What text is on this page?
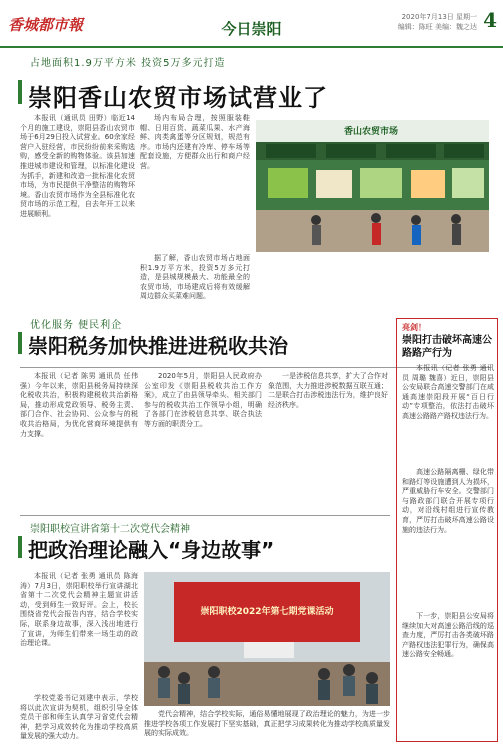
香城都市報	今日崇阳
2020年7月13日 星期一
编辑：陈旺 美编：魏之达 4
占地面积1.9万平方米 投资5万多元打造
崇阳香山农贸市场试营业了

本报讯（通讯员 田野）临近14个月的施工建设，崇阳县香山农贸市场于6月29日投入试营业。60余家经营户入驻经营，市民纷纷前来采购选购，感受全新的购物体验。该县加速推进城市建设和管理，以标准化建设为抓手，新建和改造一批标准化农贸市场，为市民提供干净整洁的购物环境。香山农贸市场作为全县标准化农贸市场的示范工程，自去年开工以来进展顺利。

场内布局合理，按照服装鞋帽、日用百货、蔬菜瓜果、水产海鲜、肉类禽蛋等分区规划，规范有序。市场内还建有冷库、停车场等配套设施，方便群众出行和商户经营。

据了解，香山农贸市场占地面积1.9万平方米，投资5万多元打造，是县城规模最大、功能最全的农贸市场，市场建成后将有效缓解周边群众买菜难问题。

香山农贸市场
优化服务 便民利企
崇阳税务加快推进进税收共治

本报讯（记者 陈男 通讯员 任伟强）今年以来，崇阳县税务局持续深化税收共治，积极构建税收共治新格局，推动形成党政领导、税务主责、部门合作、社会协同、公众参与的税收共治格局，为优化营商环境提供有力支撑。

2020年5月，崇阳县人民政府办公室印发《崇阳县税收共治工作方案》，成立了由县领导牵头、相关部门参与的税收共治工作领导小组，明确了各部门在涉税信息共享、联合执法等方面的职责分工。

一是涉税信息共享，扩大了合作对象范围，大力推进涉税数据互联互通；二是联合打击涉税违法行为，维护良好经济秩序。

亮剑！
崇阳打击破坏高速公路路产行为

本报讯（记者 张勇 通讯员 周璐 魏喜）近日，崇阳县公安局联合高速交警部门在咸通高速崇阳段开展“百日行动”专项整治，依法打击破坏高速公路路产路权违法行为。

高速公路隔离栅、绿化带和路灯等设施遭到人为损坏，严重威胁行车安全。交警部门与路政部门联合开展专项行动，对沿线村组进行宣传教育，严厉打击破坏高速公路设施的违法行为。

下一步，崇阳县公安局将继续加大对高速公路沿线的巡查力度，严厉打击各类破坏路产路权违法犯罪行为，确保高速公路安全畅通。

崇阳职校宣讲省第十二次党代会精神
把政治理论融入“身边故事”

本报讯（记者 张勇 通讯员 陈海涛）7月3日，崇阳职校举行宣讲湖北省第十二次党代会精神主题宣讲活动，受到师生一致好评。会上，校长围绕省党代会报告内容，结合学校实际，联系身边故事，深入浅出地进行了宣讲，为师生们带来一场生动的政治理论课。

学校党委书记刘建中表示，学校将以此次宣讲为契机，组织引导全体党员干部和师生认真学习省党代会精神，把学习成效转化为推动学校高质量发展的强大动力。

崇阳职校2022年第七期党课活动

党代会精神，结合学校实际，通俗易懂地展现了政治理论的魅力，为进一步推进学校各项工作发展打下坚实基础，真正把学习成果转化为推动学校高质量发展的实际成效。
